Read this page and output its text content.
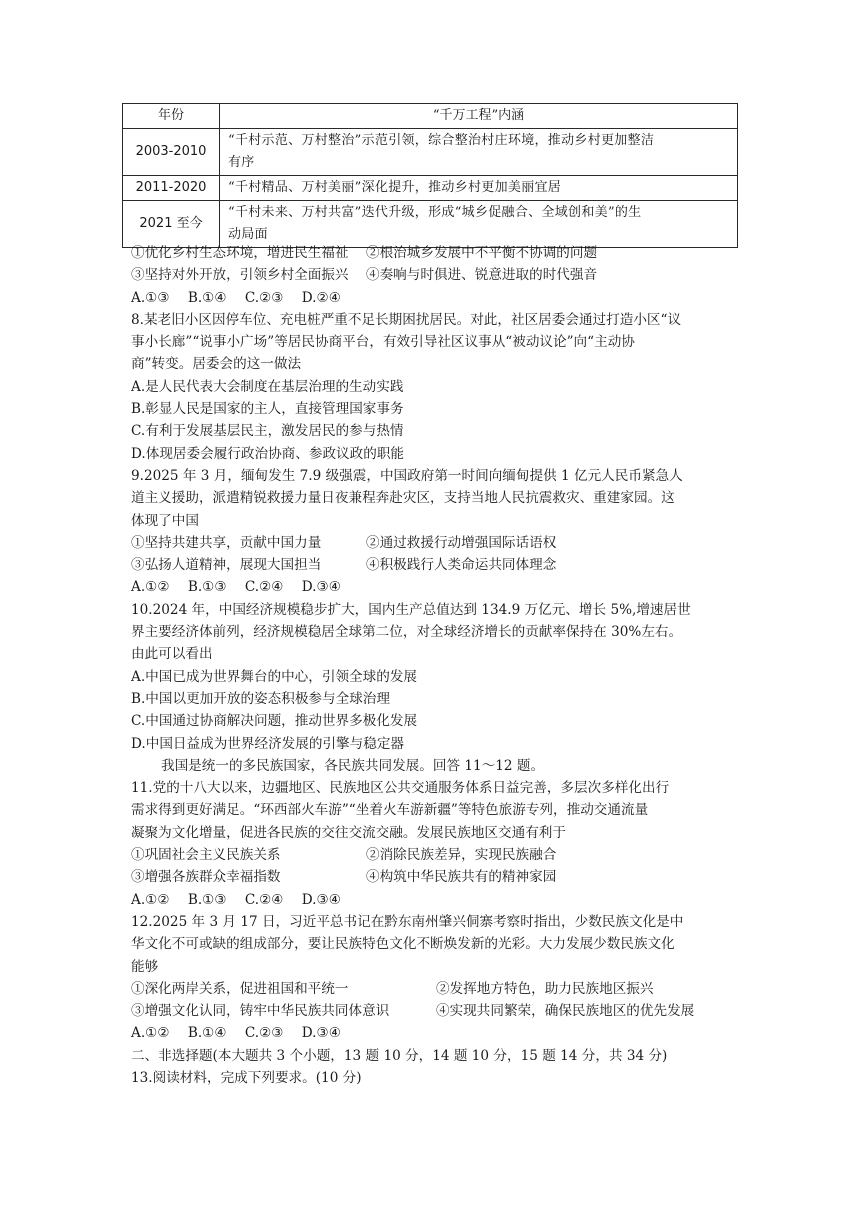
年份	“千万工程”内涵
2003-2010	“千村示范、万村整治”示范引领，综合整治村庄环境，推动乡村更加整洁
有序

2011-2020	“千村精品、万村美丽”深化提升，推动乡村更加美丽宜居

2021 至今	“千村未来、万村共富”迭代升级，形成“城乡促融合、全域创和美”的生
动局面
①优化乡村生态环境，增进民生福祉	②根治城乡发展中不平衡不协调的问题
③坚持对外开放，引领乡村全面振兴	④奏响与时俱进、锐意进取的时代强音
A.①③ B.①④ C.②③ D.②④
8.某老旧小区因停车位、充电桩严重不足长期困扰居民。对此，社区居委会通过打造小区“议
事小长廊”“说事小广场”等居民协商平台，有效引导社区议事从“被动议论”向“主动协
商”转变。居委会的这一做法
A.是人民代表大会制度在基层治理的生动实践
B.彰显人民是国家的主人，直接管理国家事务
C.有利于发展基层民主，激发居民的参与热情
D.体现居委会履行政治协商、参政议政的职能
9.2025 年 3 月，缅甸发生 7.9 级强震，中国政府第一时间向缅甸提供 1 亿元人民币紧急人
道主义援助，派遣精锐救援力量日夜兼程奔赴灾区，支持当地人民抗震救灾、重建家园。这
体现了中国
①坚持共建共享，贡献中国力量	②通过救援行动增强国际话语权
③弘扬人道精神，展现大国担当	④积极践行人类命运共同体理念
A.①② B.①③ C.②④ D.③④
10.2024 年，中国经济规模稳步扩大，国内生产总值达到 134.9 万亿元、增长 5%,增速居世
界主要经济体前列，经济规模稳居全球第二位，对全球经济增长的贡献率保持在 30%左右。
由此可以看出
A.中国已成为世界舞台的中心，引领全球的发展
B.中国以更加开放的姿态积极参与全球治理
C.中国通过协商解决问题，推动世界多极化发展
D.中国日益成为世界经济发展的引擎与稳定器
我国是统一的多民族国家，各民族共同发展。回答 11～12 题。
11.党的十八大以来，边疆地区、民族地区公共交通服务体系日益完善，多层次多样化出行
需求得到更好满足。“环西部火车游”“坐着火车游新疆”等特色旅游专列，推动交通流量
凝聚为文化增量，促进各民族的交往交流交融。发展民族地区交通有利于
①巩固社会主义民族关系	②消除民族差异，实现民族融合
③增强各族群众幸福指数	④构筑中华民族共有的精神家园
A.①② B.①③ C.②④ D.③④
12.2025 年 3 月 17 日，习近平总书记在黔东南州肇兴侗寨考察时指出，少数民族文化是中
华文化不可或缺的组成部分，要让民族特色文化不断焕发新的光彩。大力发展少数民族文化
能够
①深化两岸关系，促进祖国和平统一	②发挥地方特色，助力民族地区振兴
③增强文化认同，铸牢中华民族共同体意识	④实现共同繁荣，确保民族地区的优先发展
A.①② B.①④ C.②③ D.③④
二、非选择题(本大题共 3 个小题，13 题 10 分，14 题 10 分，15 题 14 分，共 34 分)
13.阅读材料，完成下列要求。(10 分)
